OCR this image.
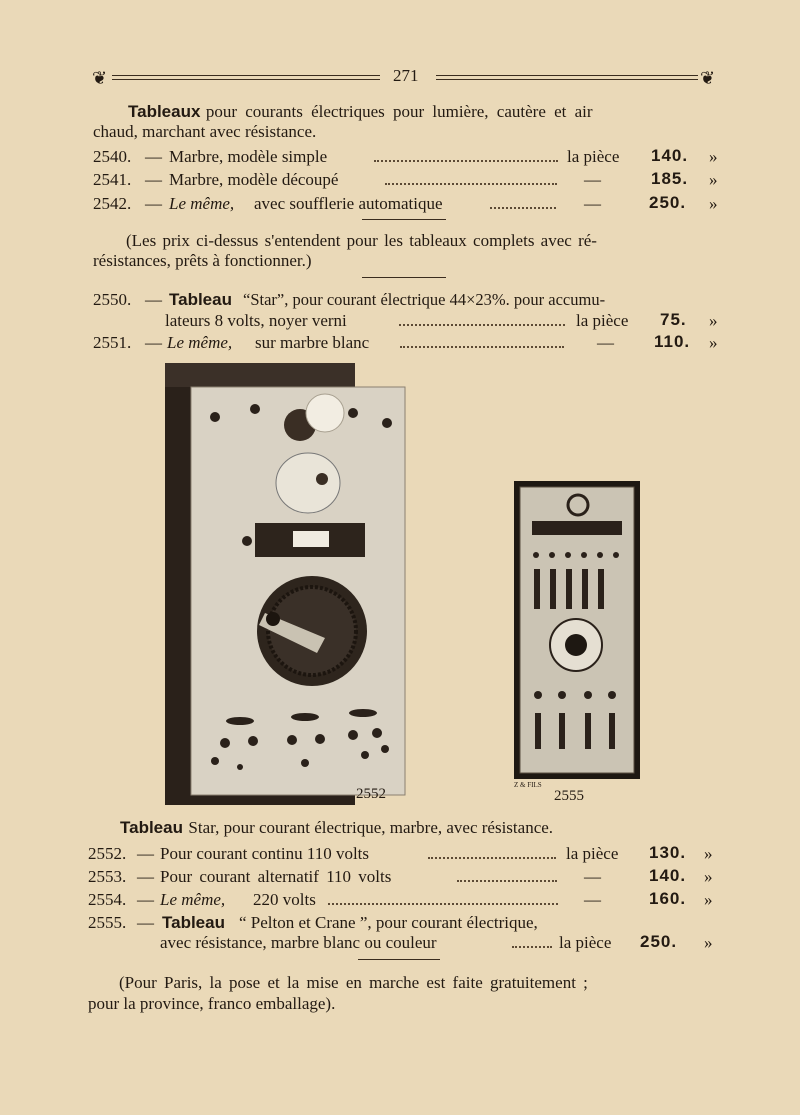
❦	271	❦
Tableaux pour courants électriques pour lumière, cautère et air
chaud, marchant avec résistance.
2540. — Marbre, modèle simple	la pièce 140. »
2541. — Marbre, modèle découpé	—	185. »
2542. — Le même, avec soufflerie automatique	—	250. »
(Les prix ci-dessus s'entendent pour les tableaux complets avec ré-
résistances, prêts à fonctionner.)
2550. — Tableau “Star”, pour courant électrique 44×23%. pour accumu-
lateurs 8 volts, noyer verni	la pièce 75. »
2551. — Le même, sur marbre blanc	— 110. »
2552
Z & FILS
2555
Tableau Star, pour courant électrique, marbre, avec résistance.
2552. — Pour courant continu 110 volts	la pièce 130. »
2553. — Pour courant alternatif 110 volts	—	140. »
2554. — Le même, 220 volts	—	160. »
2555. — Tableau “ Pelton et Crane ”, pour courant électrique,
avec résistance, marbre blanc ou couleur	la pièce 250. »
(Pour Paris, la pose et la mise en marche est faite gratuitement ;
pour la province, franco emballage).
